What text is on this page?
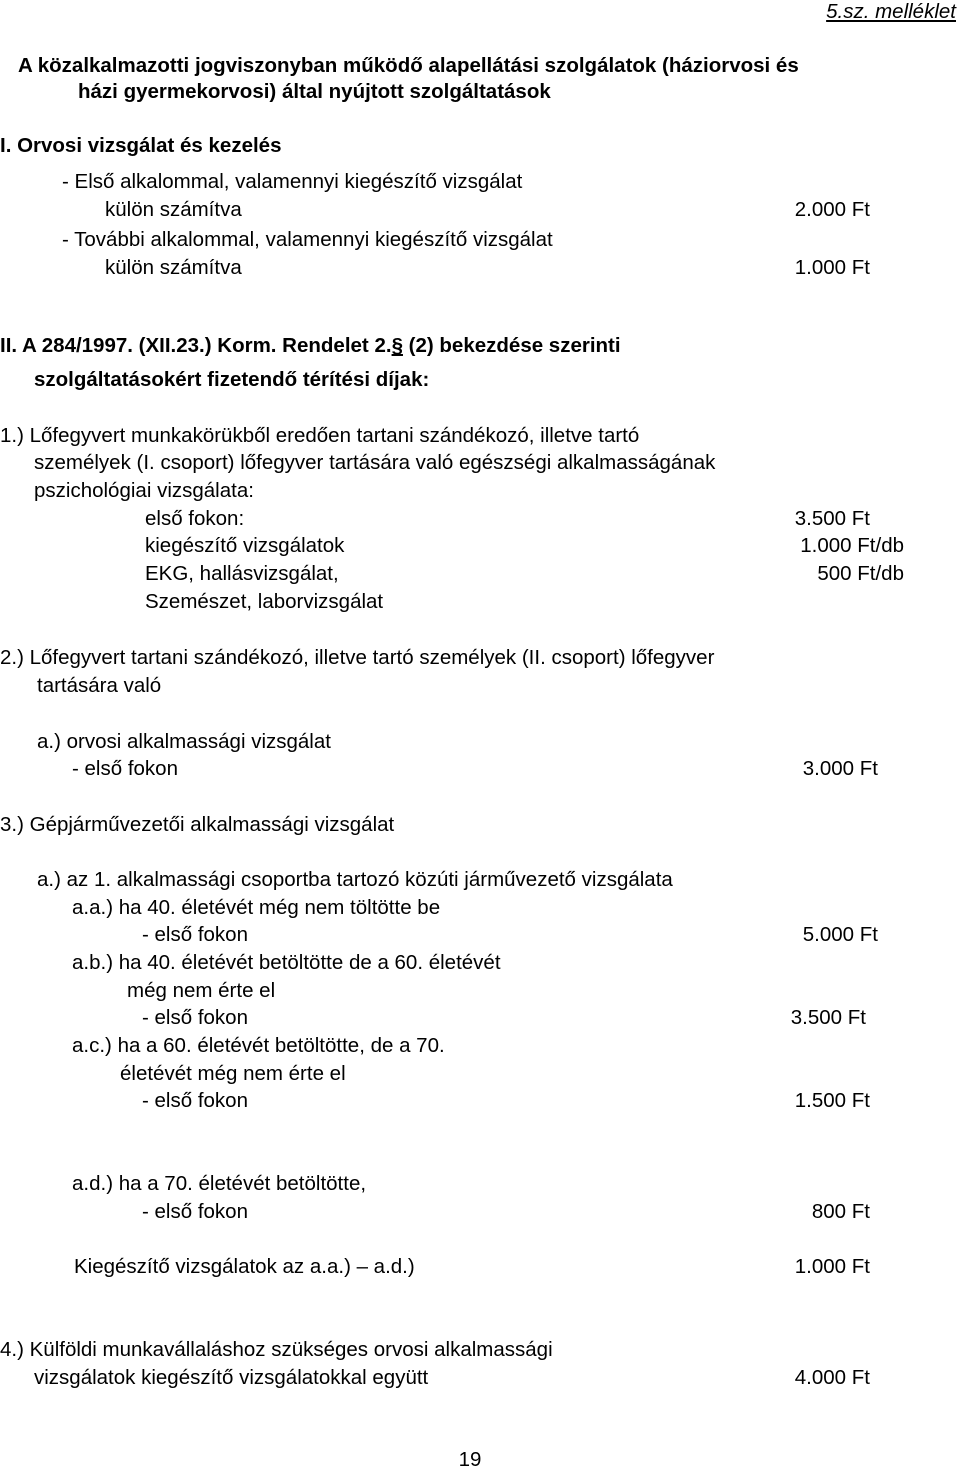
5.sz. melléklet
A közalkalmazotti jogviszonyban működő alapellátási szolgálatok (háziorvosi és
házi gyermekorvosi) által nyújtott szolgáltatások
I. Orvosi vizsgálat és kezelés
- Első alkalommal, valamennyi kiegészítő vizsgálat
külön számítva	2.000 Ft
- További alkalommal, valamennyi kiegészítő vizsgálat
külön számítva	1.000 Ft
II. A 284/1997. (XII.23.) Korm. Rendelet 2.§ (2) bekezdése szerinti
szolgáltatásokért fizetendő térítési díjak:
1.) Lőfegyvert munkakörükből eredően tartani szándékozó, illetve tartó
személyek (I. csoport) lőfegyver tartására való egészségi alkalmasságának
pszichológiai vizsgálata:
első fokon:	3.500 Ft
kiegészítő vizsgálatok	1.000 Ft/db
EKG, hallásvizsgálat,	500 Ft/db
Szemészet, laborvizsgálat
2.) Lőfegyvert tartani szándékozó, illetve tartó személyek (II. csoport) lőfegyver
tartására való
a.) orvosi alkalmassági vizsgálat
- első fokon	3.000 Ft
3.) Gépjárművezetői alkalmassági vizsgálat
a.) az 1. alkalmassági csoportba tartozó közúti járművezető vizsgálata
a.a.) ha 40. életévét még nem töltötte be
- első fokon	5.000 Ft
a.b.) ha 40. életévét betöltötte de a 60. életévét
még nem érte el
- első fokon	3.500 Ft
a.c.) ha a 60. életévét betöltötte, de a 70.
életévét még nem érte el
- első fokon	1.500 Ft
a.d.) ha a 70. életévét betöltötte,
- első fokon	800 Ft
Kiegészítő vizsgálatok az a.a.) – a.d.)	1.000 Ft
4.) Külföldi munkavállaláshoz szükséges orvosi alkalmassági
vizsgálatok kiegészítő vizsgálatokkal együtt	4.000 Ft
19
